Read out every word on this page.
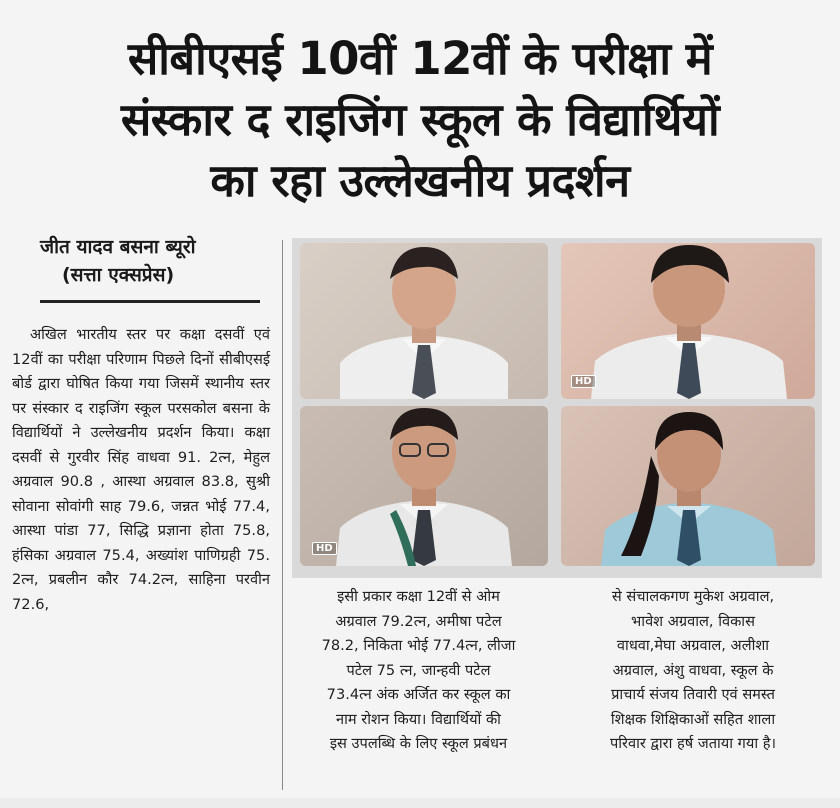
सीबीएसई 10वीं 12वीं के परीक्षा में
संस्कार द राइजिंग स्कूल के विद्यार्थियों
का रहा उल्लेखनीय प्रदर्शन
जीत यादव बसना ब्यूरो
(सत्ता एक्सप्रेस)
HD
HD

अखिल भारतीय स्तर पर कक्षा दसवीं एवं 12वीं का परीक्षा परिणाम पिछले दिनों सीबीएसई बोर्ड द्वारा घोषित किया गया जिसमें स्थानीय स्तर पर संस्कार द राइजिंग स्कूल परसकोल बसना के विद्यार्थियों ने उल्लेखनीय प्रदर्शन किया। कक्षा दसवीं से गुरवीर सिंह वाधवा 91. 2त्न, मेहुल अग्रवाल 90.8 , आस्था अग्रवाल 83.8, सुश्री सोवाना सोवांगी साह 79.6, जन्नत भोई 77.4, आस्था पांडा 77, सिद्धि प्रज्ञाना होता 75.8, हंसिका अग्रवाल 75.4, अख्यांश पाणिग्रही 75. 2त्न, प्रबलीन कौर 74.2त्न, साहिना परवीन 72.6,	इसी प्रकार कक्षा 12वीं से ओम

अग्रवाल 79.2त्न, अमीषा पटेल

78.2, निकिता भोई 77.4त्न, लीजा

पटेल 75 त्न, जान्हवी पटेल

73.4त्न अंक अर्जित कर स्कूल का

नाम रोशन किया। विद्यार्थियों की

इस उपलब्धि के लिए स्कूल प्रबंधन

से संचालकगण मुकेश अग्रवाल,

भावेश अग्रवाल, विकास

वाधवा,मेघा अग्रवाल, अलीशा

अग्रवाल, अंशु वाधवा, स्कूल के

प्राचार्य संजय तिवारी एवं समस्त

शिक्षक शिक्षिकाओं सहित शाला

परिवार द्वारा हर्ष जताया गया है।
